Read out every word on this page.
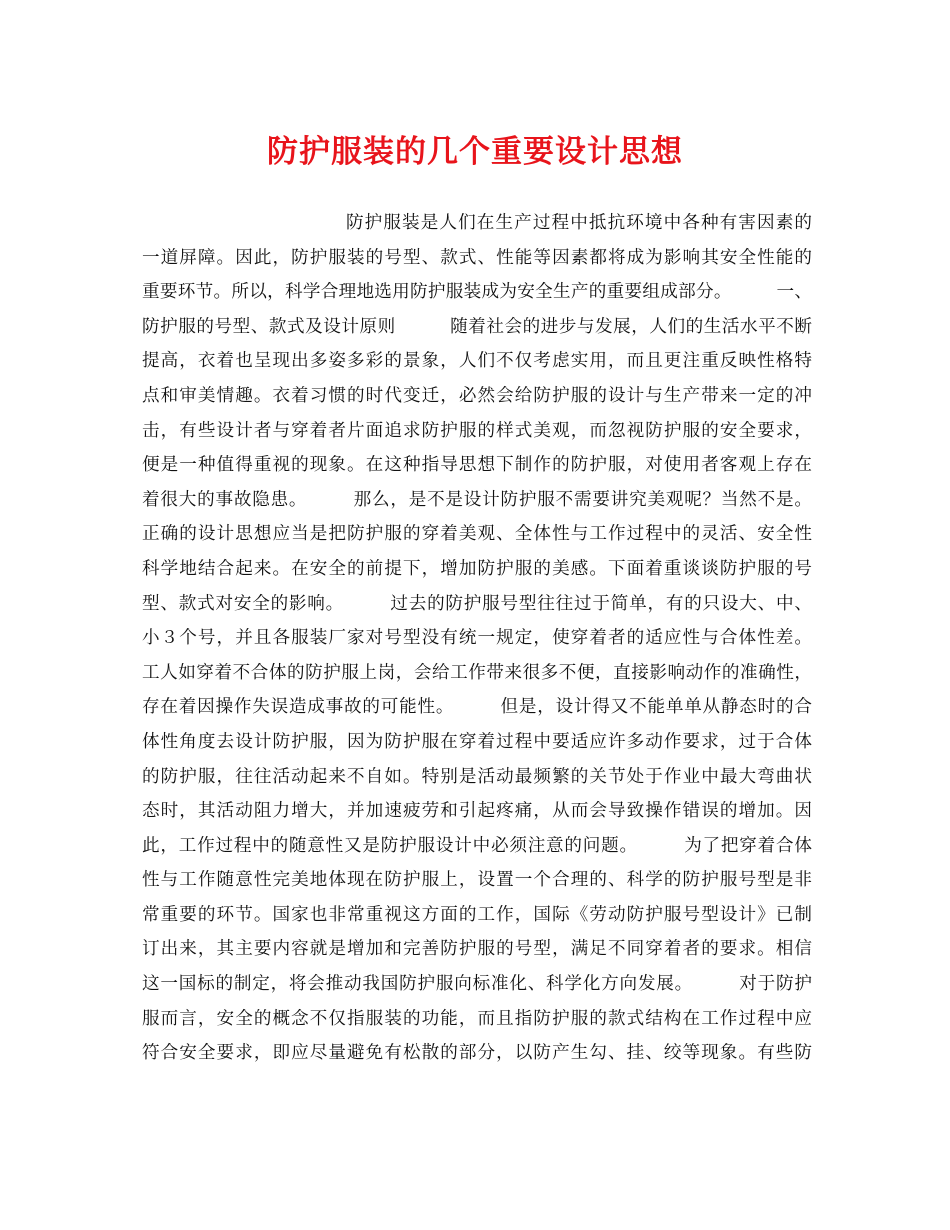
防护服装的几个重要设计思想
防护服装是人们在生产过程中抵抗环境中各种有害因素的
一道屏障。因此，防护服装的号型、款式、性能等因素都将成为影响其安全性能的
重要环节。所以，科学合理地选用防护服装成为安全生产的重要组成部分。　　　一、
防护服的号型、款式及设计原则　　　随着社会的进步与发展，人们的生活水平不断
提高，衣着也呈现出多姿多彩的景象，人们不仅考虑实用，而且更注重反映性格特
点和审美情趣。衣着习惯的时代变迁，必然会给防护服的设计与生产带来一定的冲
击，有些设计者与穿着者片面追求防护服的样式美观，而忽视防护服的安全要求，
便是一种值得重视的现象。在这种指导思想下制作的防护服，对使用者客观上存在
着很大的事故隐患。　　　那么，是不是设计防护服不需要讲究美观呢？当然不是。
正确的设计思想应当是把防护服的穿着美观、全体性与工作过程中的灵活、安全性
科学地结合起来。在安全的前提下，增加防护服的美感。下面着重谈谈防护服的号
型、款式对安全的影响。　　　过去的防护服号型往往过于简单，有的只设大、中、
小３个号，并且各服装厂家对号型没有统一规定，使穿着者的适应性与合体性差。
工人如穿着不合体的防护服上岗，会给工作带来很多不便，直接影响动作的准确性，
存在着因操作失误造成事故的可能性。　　　但是，设计得又不能单单从静态时的合
体性角度去设计防护服，因为防护服在穿着过程中要适应许多动作要求，过于合体
的防护服，往往活动起来不自如。特别是活动最频繁的关节处于作业中最大弯曲状
态时，其活动阻力增大，并加速疲劳和引起疼痛，从而会导致操作错误的增加。因
此，工作过程中的随意性又是防护服设计中必须注意的问题。　　　为了把穿着合体
性与工作随意性完美地体现在防护服上，设置一个合理的、科学的防护服号型是非
常重要的环节。国家也非常重视这方面的工作，国际《劳动防护服号型设计》已制
订出来，其主要内容就是增加和完善防护服的号型，满足不同穿着者的要求。相信
这一国标的制定，将会推动我国防护服向标准化、科学化方向发展。　　　对于防护
服而言，安全的概念不仅指服装的功能，而且指防护服的款式结构在工作过程中应
符合安全要求，即应尽量避免有松散的部分，以防产生勾、挂、绞等现象。有些防
